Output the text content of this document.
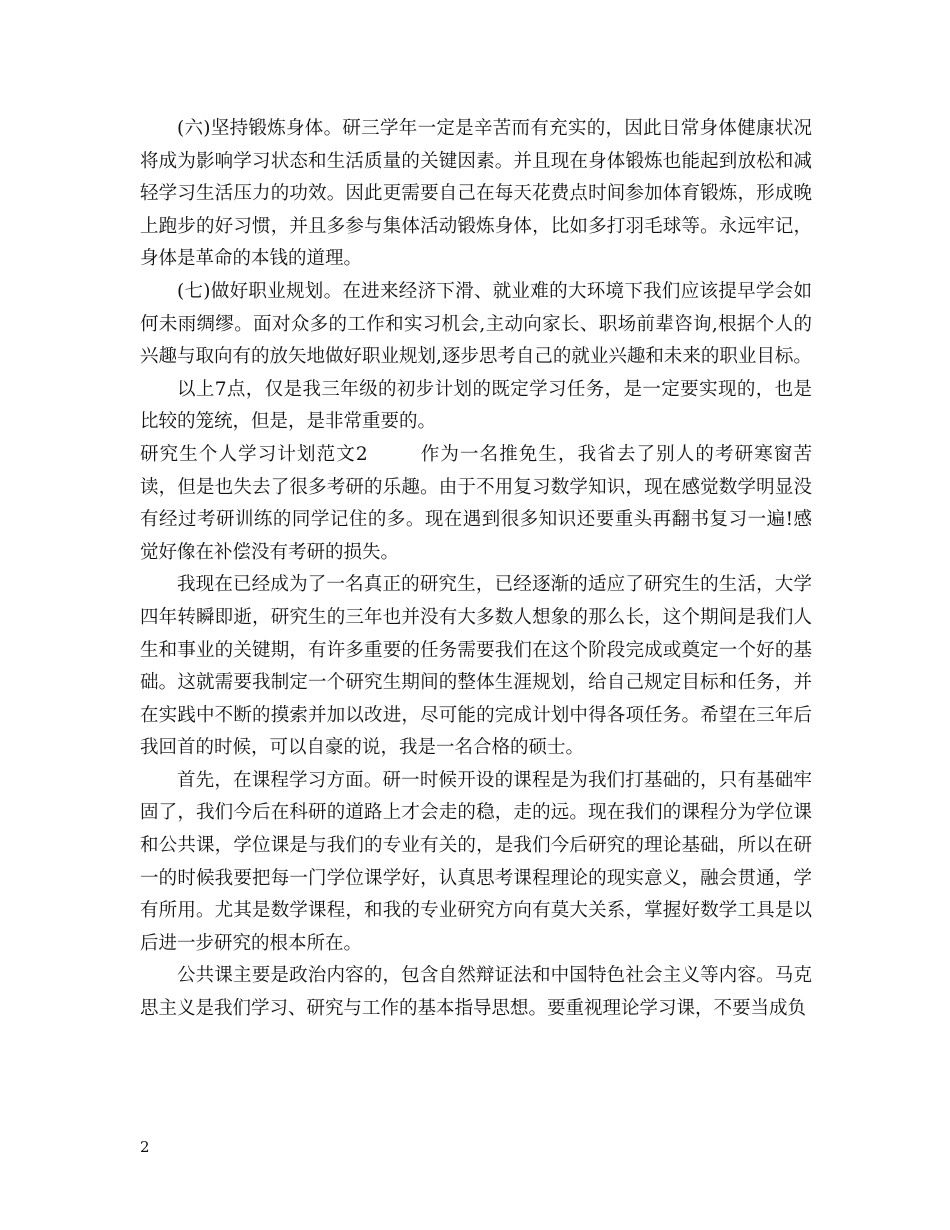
(六)坚持锻炼身体。研三学年一定是辛苦而有充实的，因此日常身体健康状况将成为影响学习状态和生活质量的关键因素。并且现在身体锻炼也能起到放松和减轻学习生活压力的功效。因此更需要自己在每天花费点时间参加体育锻炼，形成晚上跑步的好习惯，并且多参与集体活动锻炼身体，比如多打羽毛球等。永远牢记，身体是革命的本钱的道理。

(七)做好职业规划。在进来经济下滑、就业难的大环境下我们应该提早学会如何未雨绸缪。面对众多的工作和实习机会,主动向家长、职场前辈咨询,根据个人的兴趣与取向有的放矢地做好职业规划,逐步思考自己的就业兴趣和未来的职业目标。

以上7点，仅是我三年级的初步计划的既定学习任务，是一定要实现的，也是比较的笼统，但是，是非常重要的。

研究生个人学习计划范文2	作为一名推免生，我省去了别人的考研寒窗苦读，但是也失去了很多考研的乐趣。由于不用复习数学知识，现在感觉数学明显没有经过考研训练的同学记住的多。现在遇到很多知识还要重头再翻书复习一遍!感觉好像在补偿没有考研的损失。

我现在已经成为了一名真正的研究生，已经逐渐的适应了研究生的生活，大学四年转瞬即逝，研究生的三年也并没有大多数人想象的那么长，这个期间是我们人生和事业的关键期，有许多重要的任务需要我们在这个阶段完成或奠定一个好的基础。这就需要我制定一个研究生期间的整体生涯规划，给自己规定目标和任务，并在实践中不断的摸索并加以改进，尽可能的完成计划中得各项任务。希望在三年后我回首的时候，可以自豪的说，我是一名合格的硕士。

首先，在课程学习方面。研一时候开设的课程是为我们打基础的，只有基础牢固了，我们今后在科研的道路上才会走的稳，走的远。现在我们的课程分为学位课和公共课，学位课是与我们的专业有关的，是我们今后研究的理论基础，所以在研一的时候我要把每一门学位课学好，认真思考课程理论的现实意义，融会贯通，学有所用。尤其是数学课程，和我的专业研究方向有莫大关系，掌握好数学工具是以后进一步研究的根本所在。

公共课主要是政治内容的，包含自然辩证法和中国特色社会主义等内容。马克思主义是我们学习、研究与工作的基本指导思想。要重视理论学习课，不要当成负

2
